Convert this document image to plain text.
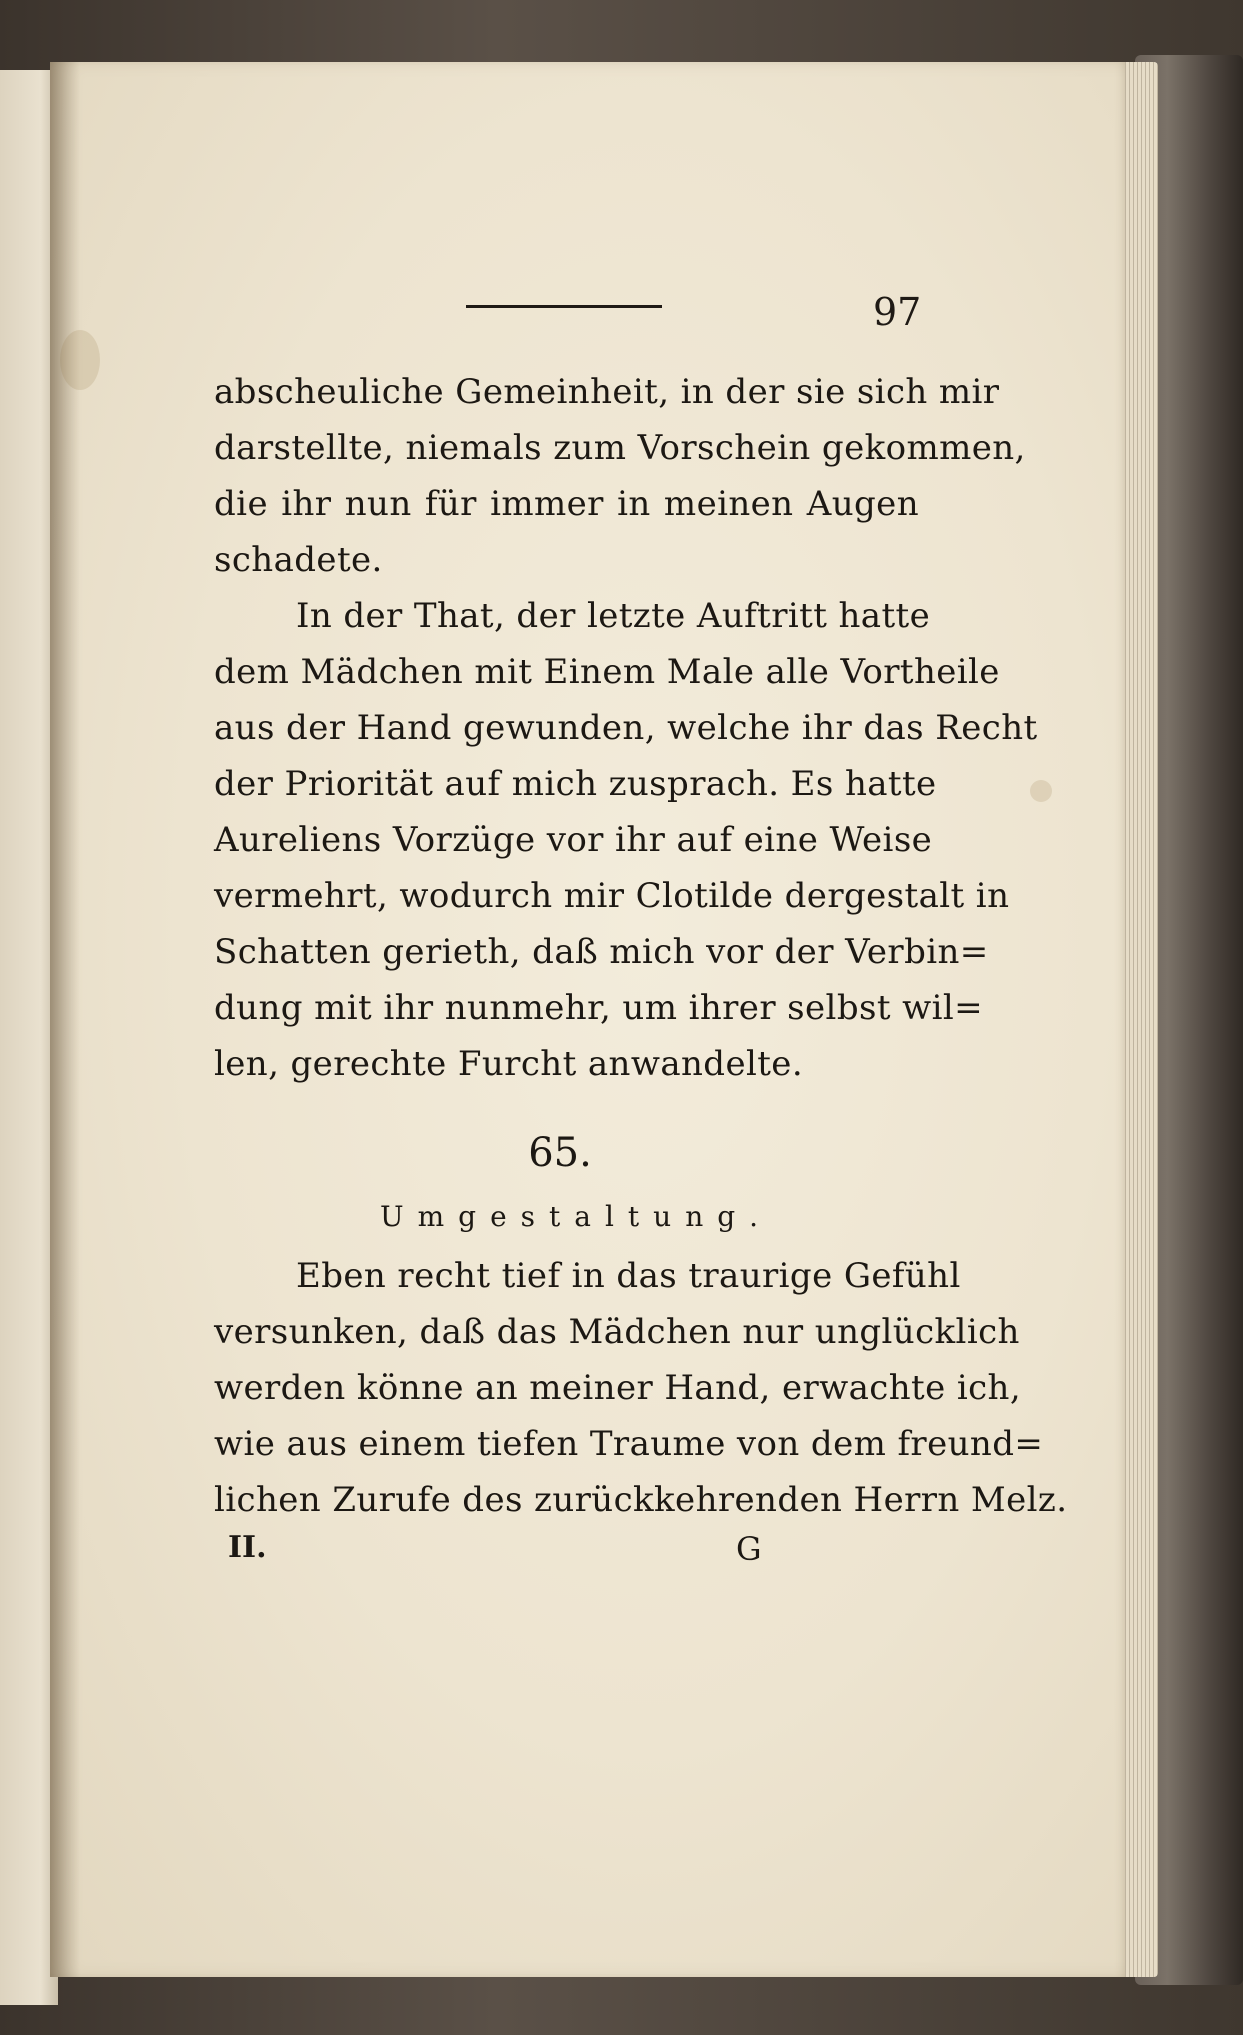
97
abscheuliche Gemeinheit, in der sie sich mir
darstellte, niemals zum Vorschein gekommen,
die ihr nun für immer in meinen Augen
schadete.
In der That, der letzte Auftritt hatte
dem Mädchen mit Einem Male alle Vortheile
aus der Hand gewunden, welche ihr das Recht
der Priorität auf mich zusprach. Es hatte
Aureliens Vorzüge vor ihr auf eine Weise
vermehrt, wodurch mir Clotilde dergestalt in
Schatten gerieth, daß mich vor der Verbin=
dung mit ihr nunmehr, um ihrer selbst wil=
len, gerechte Furcht anwandelte.
65.
Umgestaltung.
Eben recht tief in das traurige Gefühl
versunken, daß das Mädchen nur unglücklich
werden könne an meiner Hand, erwachte ich,
wie aus einem tiefen Traume von dem freund=
lichen Zurufe des zurückkehrenden Herrn Melz.
II.	G
